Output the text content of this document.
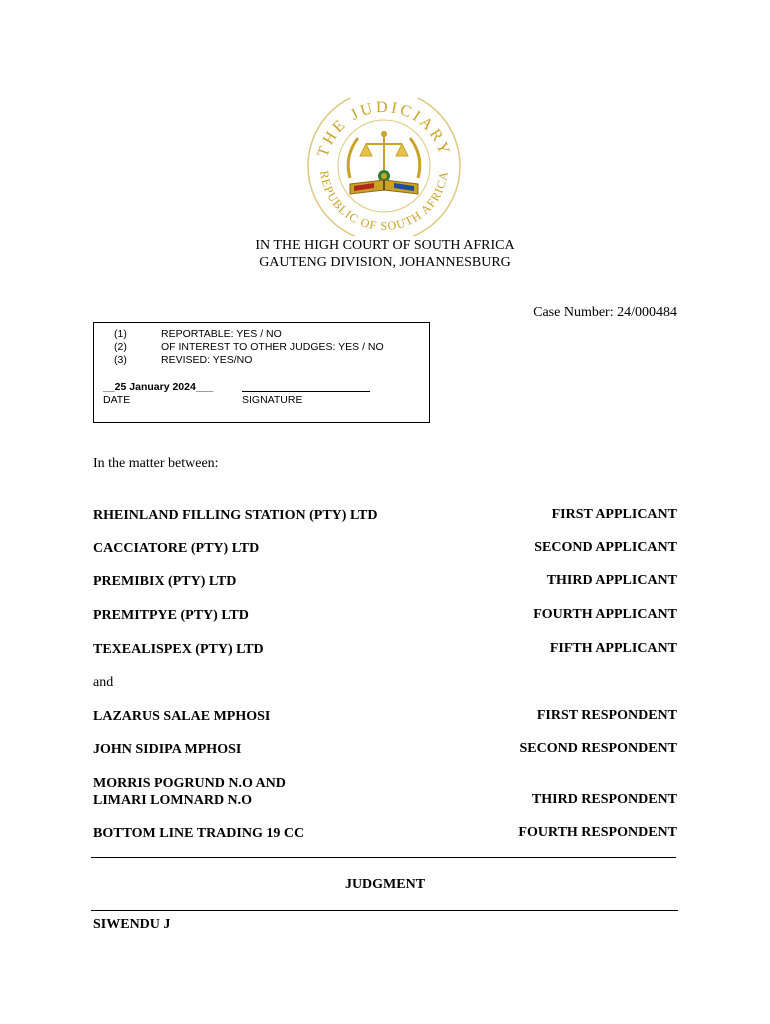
THE JUDICIARY
REPUBLIC OF SOUTH AFRICA
IN THE HIGH COURT OF SOUTH AFRICA
GAUTENG DIVISION, JOHANNESBURG
Case Number: 24/000484
(1)	REPORTABLE: YES / NO
(2)	OF INTEREST TO OTHER JUDGES: YES / NO
(3)	REVISED: YES/NO
__25 January 2024___
DATE	SIGNATURE
In the matter between:
RHEINLAND FILLING STATION (PTY) LTD	FIRST APPLICANT
CACCIATORE (PTY) LTD	SECOND APPLICANT
PREMIBIX (PTY) LTD	THIRD APPLICANT
PREMITPYE (PTY) LTD	FOURTH APPLICANT
TEXEALISPEX (PTY) LTD	FIFTH APPLICANT
and
LAZARUS SALAE MPHOSI	FIRST RESPONDENT
JOHN SIDIPA MPHOSI	SECOND RESPONDENT
MORRIS POGRUND N.O AND
LIMARI LOMNARD N.O	THIRD RESPONDENT
BOTTOM LINE TRADING 19 CC	FOURTH RESPONDENT
JUDGMENT
SIWENDU J
